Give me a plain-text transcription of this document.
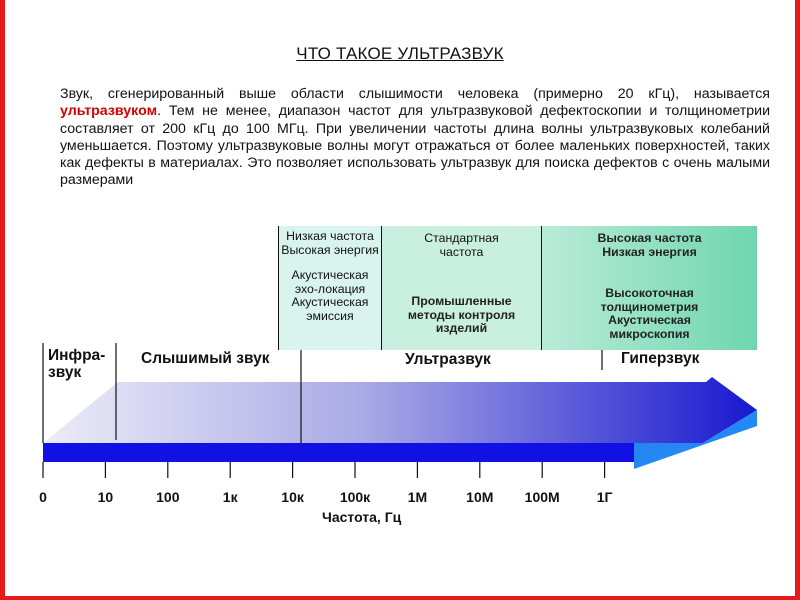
ЧТО ТАКОЕ УЛЬТРАЗВУК
Звук, сгенерированный выше области слышимости человека (примерно 20 кГц), называется ультразвуком. Тем не менее, диапазон частот для ультразвуковой дефектоскопии и толщинометрии составляет от 200 кГц до 100 МГц. При увеличении частоты длина волны ультразвуковых колебаний уменьшается. Поэтому ультразвуковые волны могут отражаться от более маленьких поверхностей, таких как дефекты в материалах. Это позволяет использовать ультразвук для поиска дефектов с очень малыми размерами
Низкая частота
Высокая энергия
Акустическая
эхо-локация
Акустическая
эмиссия
Стандартная
частота
Промышленные
методы контроля
изделий
Высокая частота
Низкая энергия
Высокоточная
толщинометрия
Акустическая
микроскопия
Инфра-
звук
Слышимый звук	Ультразвук	Гиперзвук
0	10	100	1к	10к	100к	1М	10М 100М	1Г
Частота, Гц
